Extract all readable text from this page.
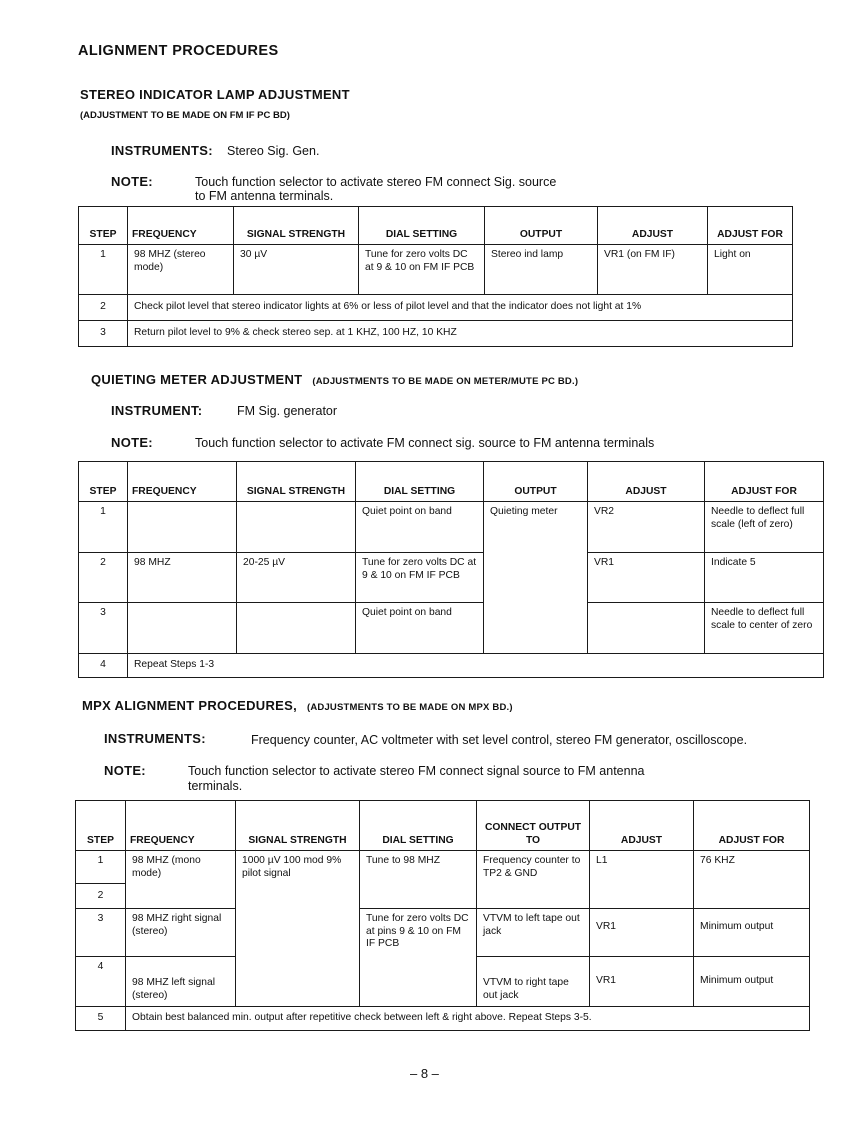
ALIGNMENT PROCEDURES
STEREO INDICATOR LAMP ADJUSTMENT
(ADJUSTMENT TO BE MADE ON FM IF PC BD)
INSTRUMENTS: Stereo Sig. Gen.
NOTE:	Touch function selector to activate stereo FM connect Sig. source
to FM antenna terminals.
STEP	FREQUENCY	SIGNAL STRENGTH	DIAL SETTING	OUTPUT	ADJUST	ADJUST FOR
1	98 MHZ (stereo mode)	30 µV	Tune for zero volts DC at 9 & 10 on FM IF PCB	Stereo ind lamp	VR1 (on FM IF)	Light on
2	Check pilot level that stereo indicator lights at 6% or less of pilot level and that the indicator does not light at 1%					
3	Return pilot level to 9% & check stereo sep. at 1 KHZ, 100 HZ, 10 KHZ					
QUIETING METER ADJUSTMENT (ADJUSTMENTS TO BE MADE ON METER/MUTE PC BD.)
INSTRUMENT:	FM Sig. generator
NOTE:	Touch function selector to activate FM connect sig. source to FM antenna terminals
STEP	FREQUENCY	SIGNAL STRENGTH	DIAL SETTING	OUTPUT	ADJUST	ADJUST FOR
1			Quiet point on band	Quieting meter	VR2	Needle to deflect full scale (left of zero)
2	98 MHZ	20-25 µV	Tune for zero volts DC at 9 & 10 on FM IF PCB		VR1	Indicate 5
3			Quiet point on band			Needle to deflect full scale to center of zero
4	Repeat Steps 1-3					
MPX ALIGNMENT PROCEDURES, (ADJUSTMENTS TO BE MADE ON MPX BD.)
INSTRUMENTS:	Frequency counter, AC voltmeter with set level control, stereo FM generator, oscilloscope.
NOTE:	Touch function selector to activate stereo FM connect signal source to FM antenna
terminals.
STEP	FREQUENCY	SIGNAL STRENGTH	DIAL SETTING	CONNECT OUTPUT TO	ADJUST	ADJUST FOR
1	98 MHZ (mono mode)	1000 µV 100 mod 9% pilot signal	Tune to 98 MHZ	Frequency counter to TP2 & GND	L1	76 KHZ
2						
3	98 MHZ right signal (stereo)		Tune for zero volts DC at pins 9 & 10 on FM IF PCB	VTVM to left tape out jack	VR1	Minimum output
4	98 MHZ left signal (stereo)			VTVM to right tape out jack	VR1	Minimum output
5	Obtain best balanced min. output after repetitive check between left & right above. Repeat Steps 3-5.					
– 8 –
